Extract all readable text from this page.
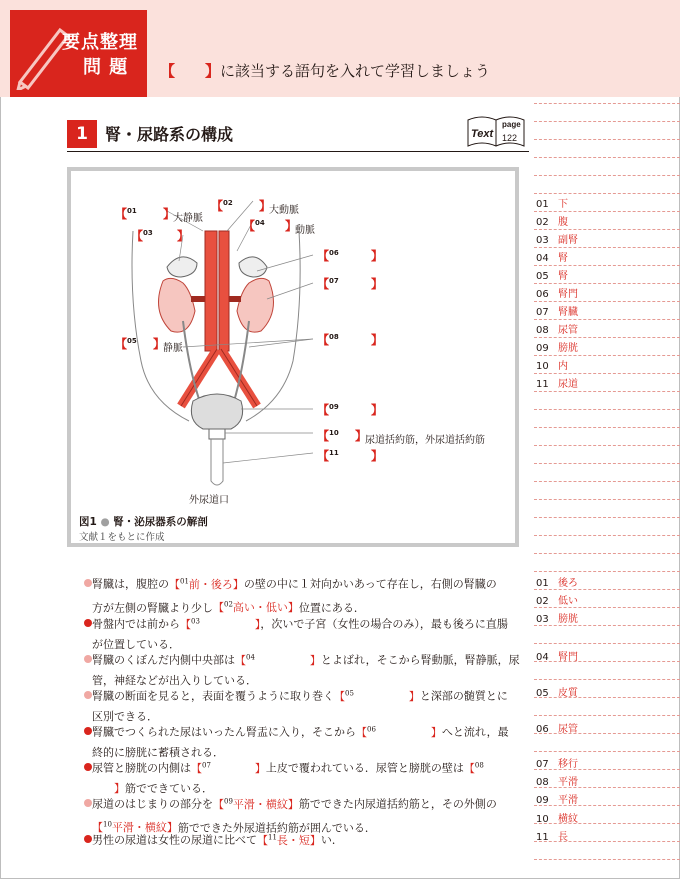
要点整理
問 題 【　　】に該当する語句を入れて学習しましょう
1	腎・尿路系の構成	Text
page
122
【$^{01}$ 】
大静脈
【$^{02}$ 】
大動脈
【$^{03}$ 】
【$^{04}$ 】
動脈
【$^{06}$	】
【$^{07}$	】
【$^{05}$ 】
静脈
【$^{08}$	】
【$^{09}$	】
【$^{10}$ 】
尿道括約筋，外尿道括約筋
【$^{11}$	】
外尿道口
図1 ● 腎・泌尿器系の解剖
文献１をもとに作成
01 下
02 腹
03 副腎
04 腎
05 腎
06 腎門
07 腎臓
08 尿管
09 膀胱
10 内
11 尿道
01 後ろ
02 低い
03 膀胱
04 腎門
05 皮質
06 尿管
07 移行
08 平滑
09 平滑
10 横紋
11 長
腎臓は，腹腔の【$^{01}$前・後ろ】の壁の中に１対向かいあって存在し，右側の腎臓の
方が左側の腎臓より少し【$^{02}$高い・低い】位置にある．
骨盤内では前から【$^{03}$　　　　　】，次いで子宮（女性の場合のみ），最も後ろに直腸
が位置している．
腎臓のくぼんだ内側中央部は【$^{04}$　　　　　】とよばれ，そこから腎動脈，腎静脈，尿
管，神経などが出入りしている．
腎臓の断面を見ると，表面を覆うように取り巻く【$^{05}$　　　　　】と深部の髄質とに
区別できる．
腎臓でつくられた尿はいったん腎盂に入り，そこから【$^{06}$　　　　　】へと流れ，最
終的に膀胱に蓄積される．
尿管と膀胱の内側は【$^{07}$　　　　】上皮で覆われている．尿管と膀胱の壁は【$^{08}$
　　】筋でできている．
尿道のはじまりの部分を【$^{09}$平滑・横紋】筋でできた内尿道括約筋と，その外側の
【$^{10}$平滑・横紋】筋でできた外尿道括約筋が囲んでいる．
男性の尿道は女性の尿道に比べて【$^{11}$長・短】い．
